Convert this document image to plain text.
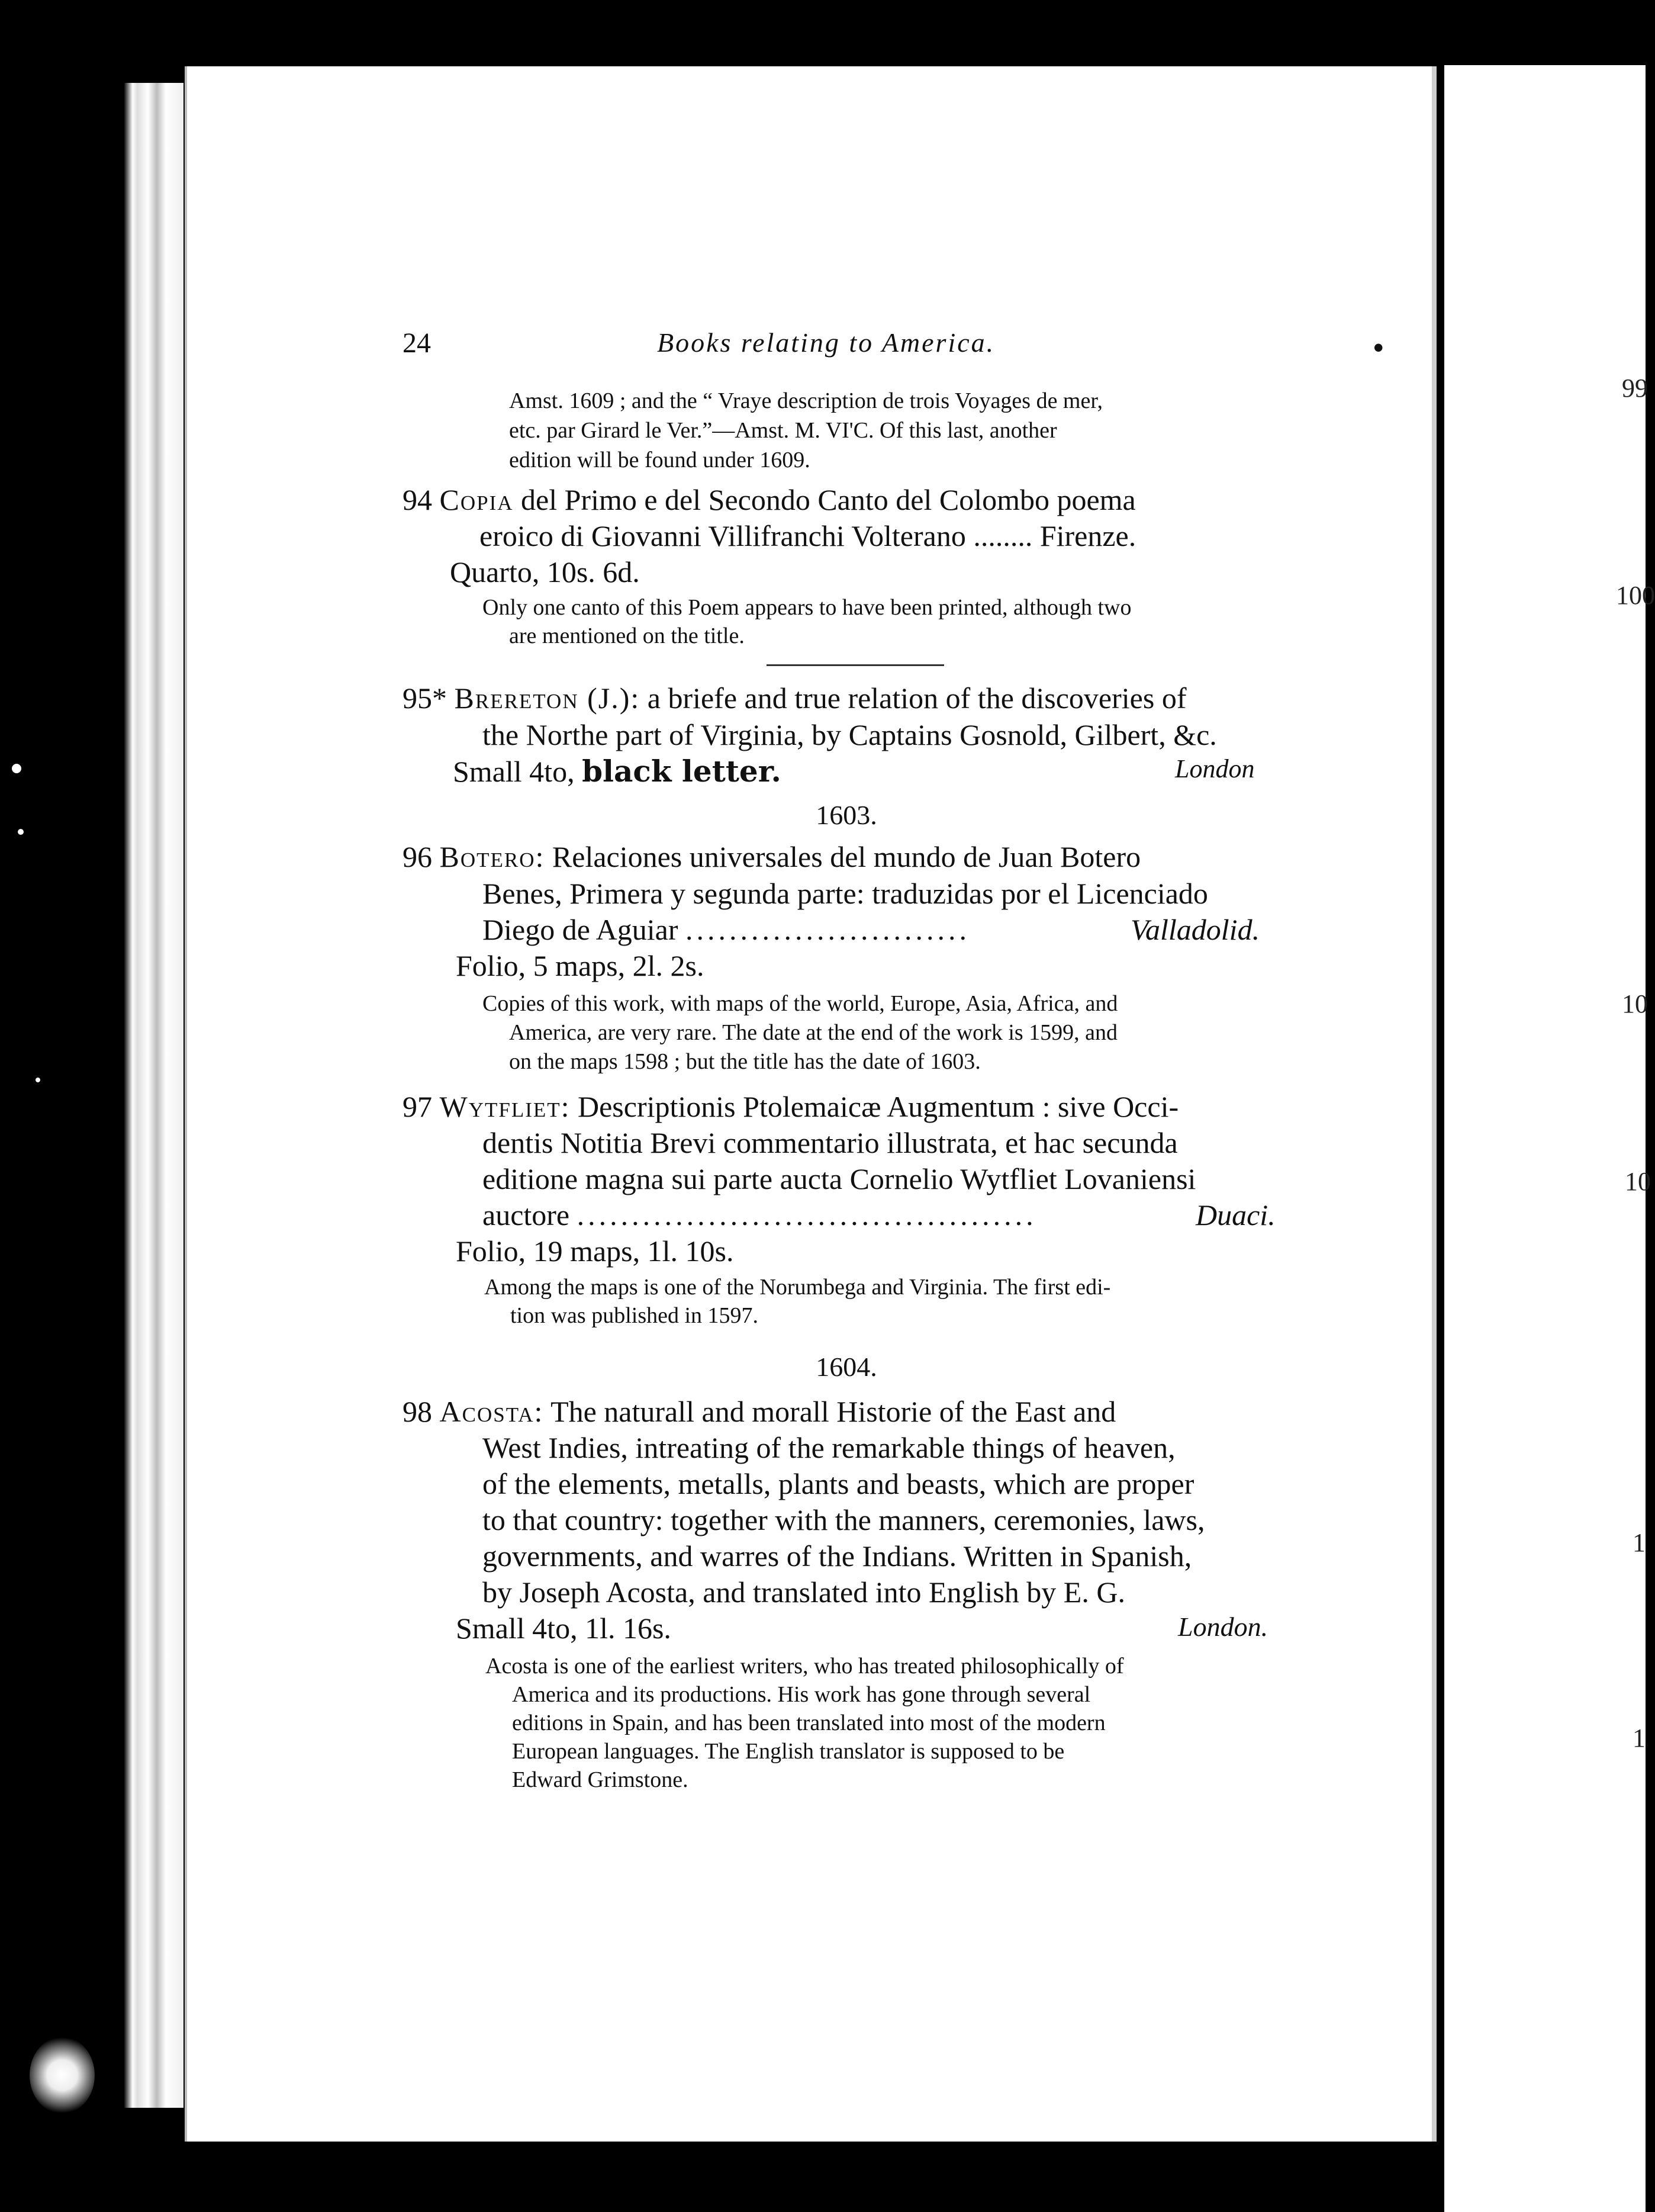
99
100
10
10
1
1
24	Books relating to America.	•
Amst. 1609 ; and the “ Vraye description de trois Voyages de mer,
etc. par Girard le Ver.”—Amst. M. VI'C. Of this last, another
edition will be found under 1609.
94 Copia del Primo e del Secondo Canto del Colombo poema
eroico di Giovanni Villifranchi Volterano ........ Firenze.
Quarto, 10s. 6d.
Only one canto of this Poem appears to have been printed, although two
are mentioned on the title.
95* Brereton (J.): a briefe and true relation of the discoveries of
the Northe part of Virginia, by Captains Gosnold, Gilbert, &c.
Small 4to, black letter.	London
1603.
96 Botero: Relaciones universales del mundo de Juan Botero
Benes, Primera y segunda parte: traduzidas por el Licenciado
Diego de Aguiar ..........................	Valladolid.
Folio, 5 maps, 2l. 2s.
Copies of this work, with maps of the world, Europe, Asia, Africa, and
America, are very rare. The date at the end of the work is 1599, and
on the maps 1598 ; but the title has the date of 1603.
97 Wytfliet: Descriptionis Ptolemaicæ Augmentum : sive Occi-
dentis Notitia Brevi commentario illustrata, et hac secunda
editione magna sui parte aucta Cornelio Wytfliet Lovaniensi
auctore ..........................................	Duaci.
Folio, 19 maps, 1l. 10s.
Among the maps is one of the Norumbega and Virginia. The first edi-
tion was published in 1597.
1604.
98 Acosta: The naturall and morall Historie of the East and
West Indies, intreating of the remarkable things of heaven,
of the elements, metalls, plants and beasts, which are proper
to that country: together with the manners, ceremonies, laws,
governments, and warres of the Indians. Written in Spanish,
by Joseph Acosta, and translated into English by E. G.
Small 4to, 1l. 16s.	London.
Acosta is one of the earliest writers, who has treated philosophically of
America and its productions. His work has gone through several
editions in Spain, and has been translated into most of the modern
European languages. The English translator is supposed to be
Edward Grimstone.
